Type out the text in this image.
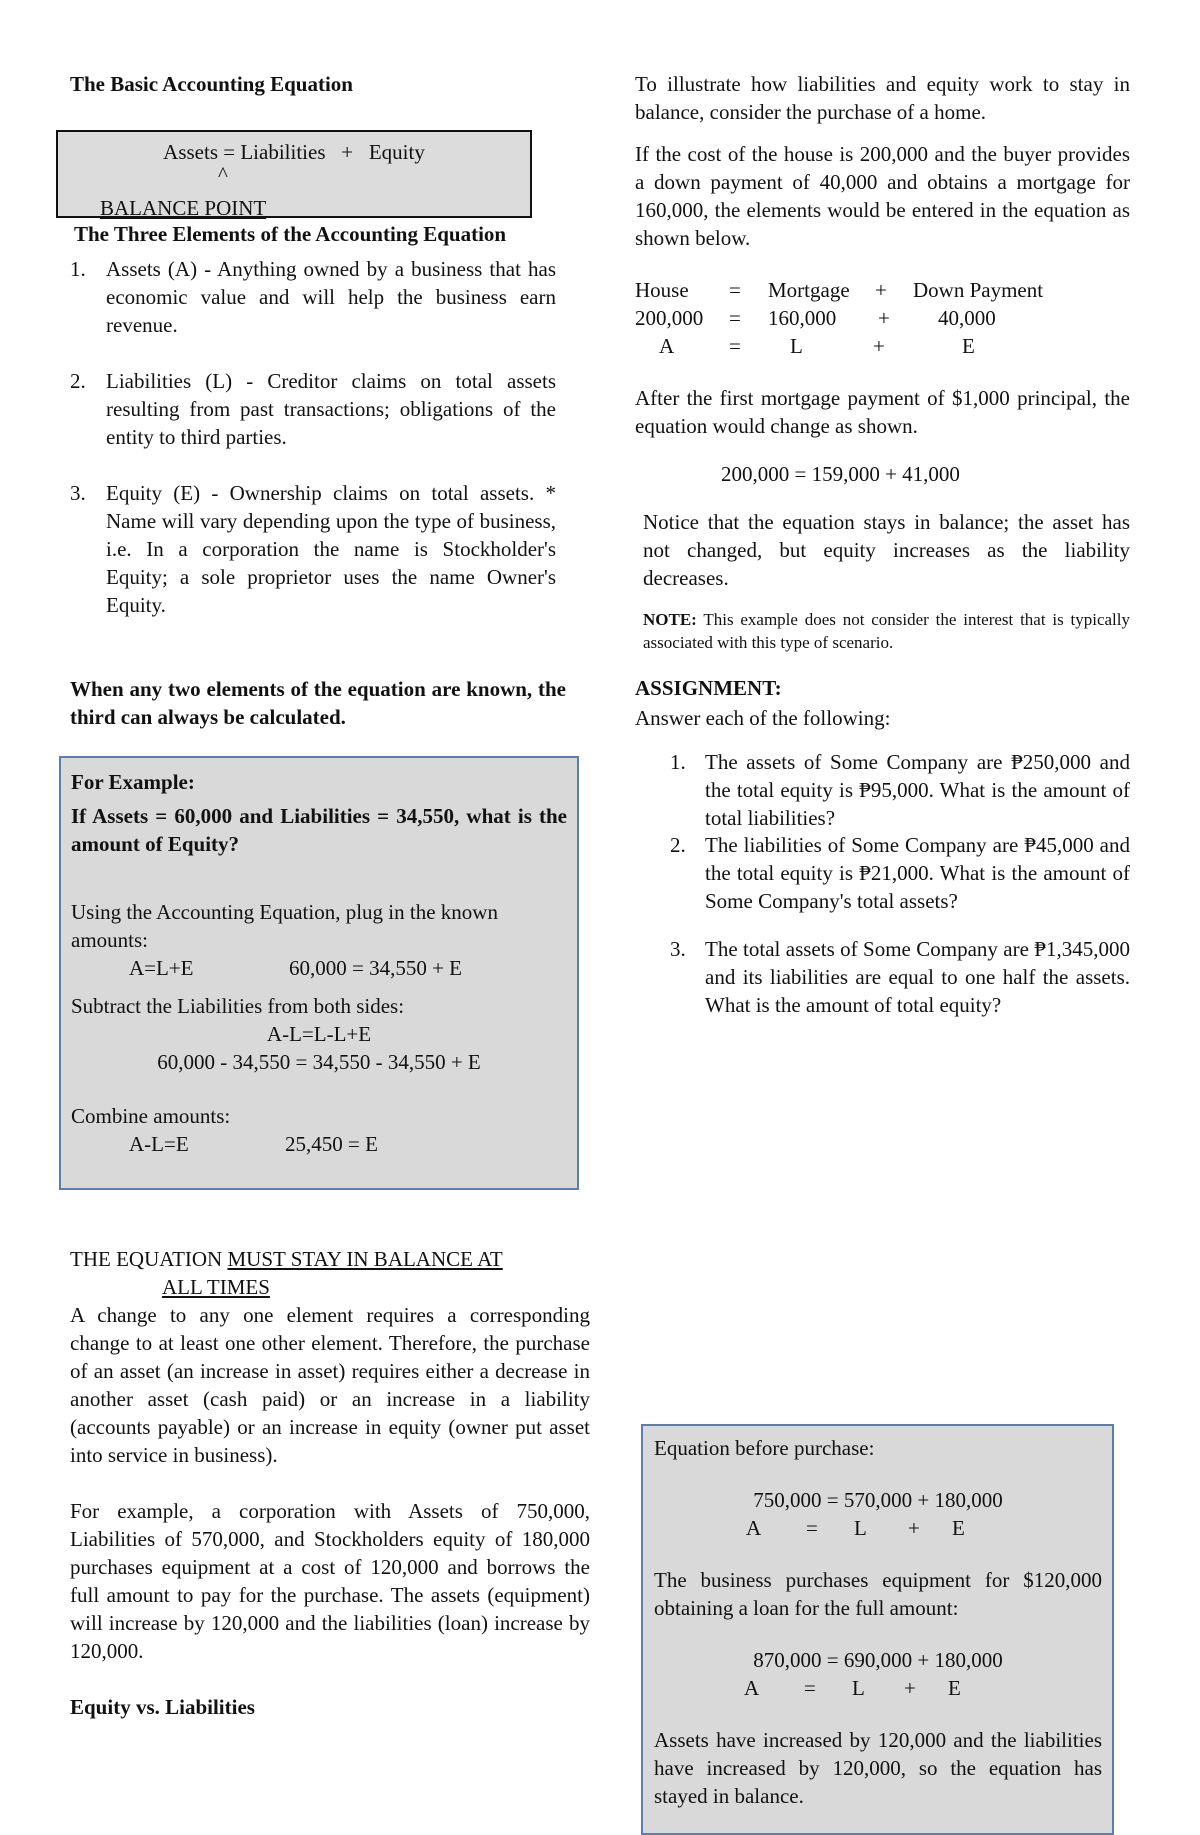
The Basic Accounting Equation

Assets = Liabilities   +   Equity
^
BALANCE POINT
The Three Elements of the Accounting Equation
1. Assets (A) - Anything owned by a business that has economic value and will help the business earn revenue.
2. Liabilities (L) - Creditor claims on total assets resulting from past transactions; obligations of the entity to third parties.
3. Equity (E) - Ownership claims on total assets. * Name will vary depending upon the type of business, i.e. In a corporation the name is Stockholder's Equity; a sole proprietor uses the name Owner's Equity.

When any two elements of the equation are known, the third can always be calculated.

For Example:

If Assets = 60,000 and Liabilities = 34,550, what is the amount of Equity?

Using the Accounting Equation, plug in the known amounts:

A=L+E	60,000 = 34,550 + E

Subtract the Liabilities from both sides:

A-L=L-L+E

60,000 - 34,550 = 34,550 - 34,550 + E

Combine amounts:

A-L=E	25,450 = E

THE EQUATION MUST STAY IN BALANCE AT

ALL TIMES

A change to any one element requires a corresponding change to at least one other element. Therefore, the purchase of an asset (an increase in asset) requires either a decrease in another asset (cash paid) or an increase in a liability (accounts payable) or an increase in equity (owner put asset into service in business).

For example, a corporation with Assets of 750,000, Liabilities of 570,000, and Stockholders equity of 180,000 purchases equipment at a cost of 120,000 and borrows the full amount to pay for the purchase. The assets (equipment) will increase by 120,000 and the liabilities (loan) increase by 120,000.

Equity vs. Liabilities

To illustrate how liabilities and equity work to stay in balance, consider the purchase of a home.

If the cost of the house is 200,000 and the buyer provides a down payment of 40,000 and obtains a mortgage for 160,000, the elements would be entered in the equation as shown below.

House = Mortgage + Down Payment
200,000 = 160,000 + 40,000
A	= L	+	E

After the first mortgage payment of $1,000 principal, the equation would change as shown.

200,000 = 159,000 + 41,000

Notice that the equation stays in balance; the asset has not changed, but equity increases as the liability decreases.

NOTE: This example does not consider the interest that is typically associated with this type of scenario.

ASSIGNMENT:

Answer each of the following:

1. The assets of Some Company are ₱250,000 and the total equity is ₱95,000. What is the amount of total liabilities?
2. The liabilities of Some Company are ₱45,000 and the total equity is ₱21,000. What is the amount of Some Company's total assets?
3. The total assets of Some Company are ₱1,345,000 and its liabilities are equal to one half the assets. What is the amount of total equity?

Equation before purchase:

750,000 = 570,000 + 180,000

A = L + E

The business purchases equipment for $120,000 obtaining a loan for the full amount:

870,000 = 690,000 + 180,000

A = L + E

Assets have increased by 120,000 and the liabilities have increased by 120,000, so the equation has stayed in balance.
